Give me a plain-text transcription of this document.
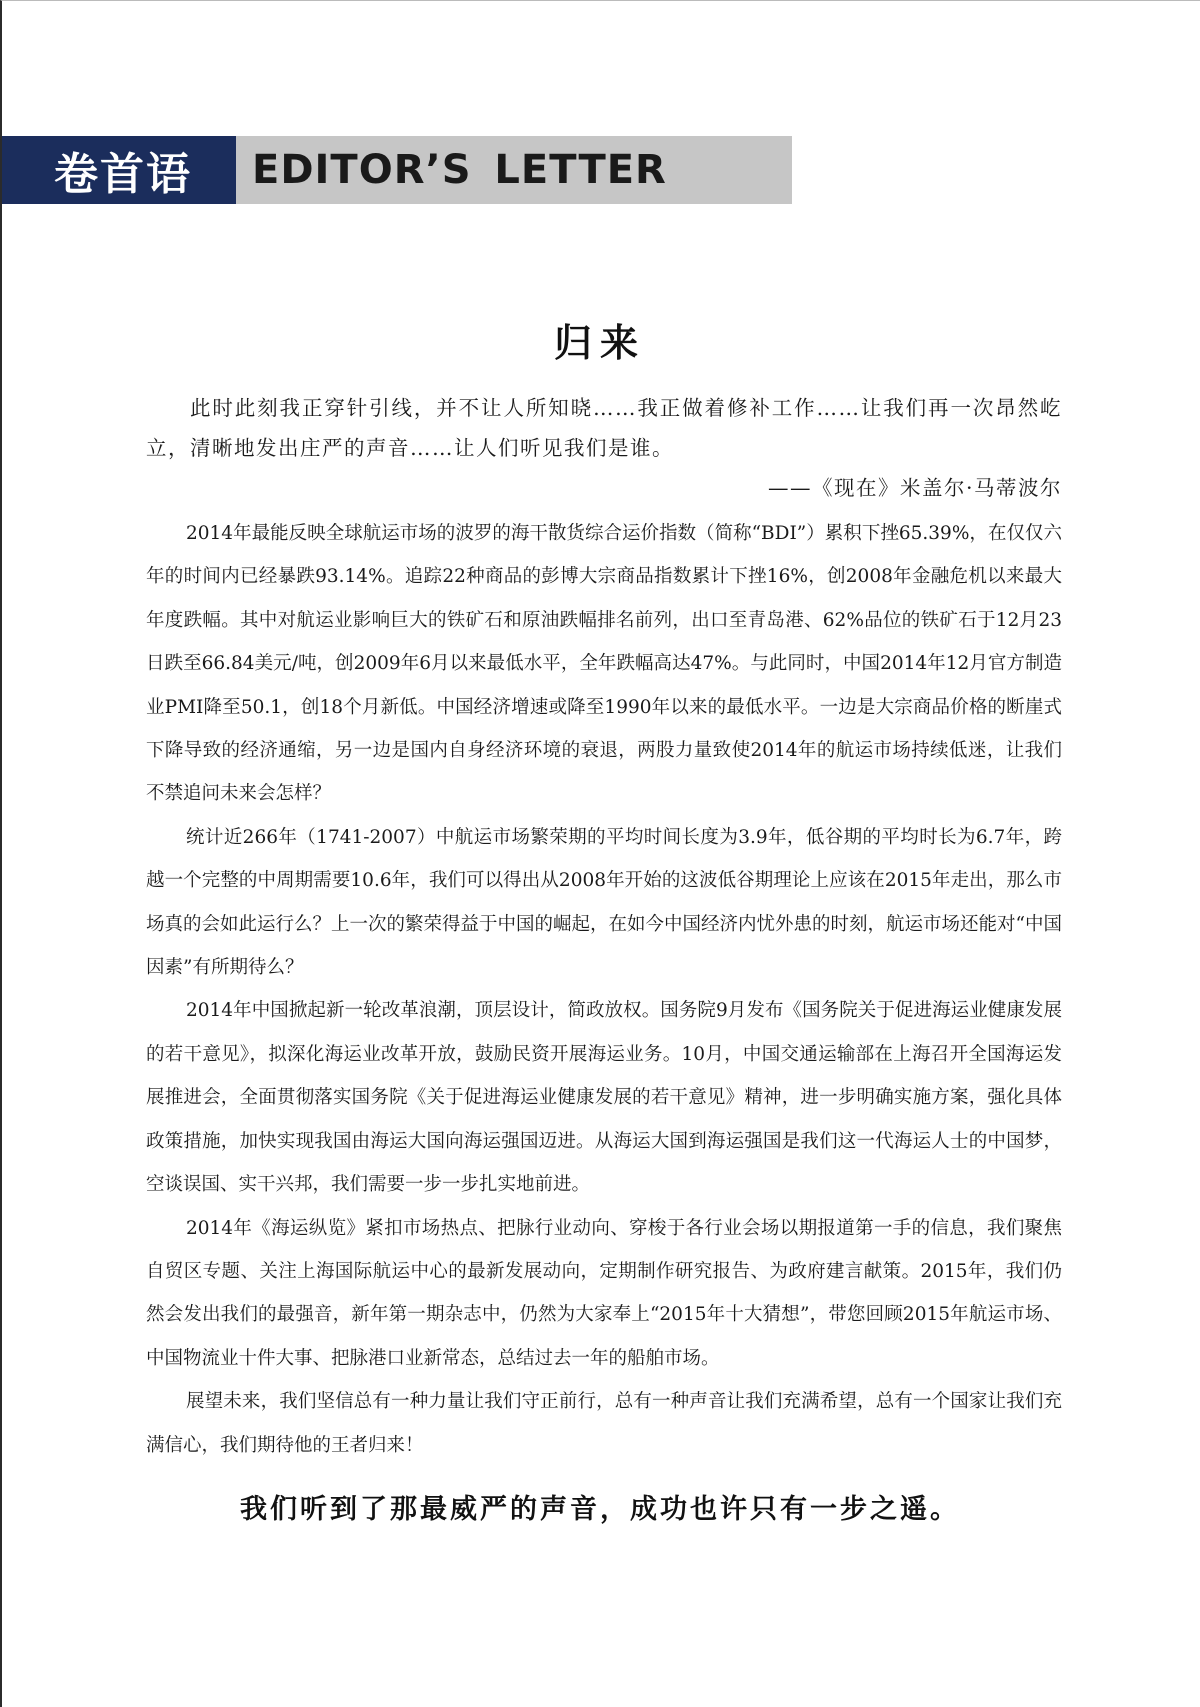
卷首语	EDITOR’S LETTER
归来

此时此刻我正穿针引线，并不让人所知晓……我正做着修补工作……让我们再一次昂然屹立，清晰地发出庄严的声音……让人们听见我们是谁。

——《现在》米盖尔·马蒂波尔

2014年最能反映全球航运市场的波罗的海干散货综合运价指数（简称“BDI”）累积下挫65.39%，在仅仅六年的时间内已经暴跌93.14%。追踪22种商品的彭博大宗商品指数累计下挫16%，创2008年金融危机以来最大年度跌幅。其中对航运业影响巨大的铁矿石和原油跌幅排名前列，出口至青岛港、62%品位的铁矿石于12月23日跌至66.84美元/吨，创2009年6月以来最低水平，全年跌幅高达47%。与此同时，中国2014年12月官方制造业PMI降至50.1，创18个月新低。中国经济增速或降至1990年以来的最低水平。一边是大宗商品价格的断崖式下降导致的经济通缩，另一边是国内自身经济环境的衰退，两股力量致使2014年的航运市场持续低迷，让我们不禁追问未来会怎样？

统计近266年（1741-2007）中航运市场繁荣期的平均时间长度为3.9年，低谷期的平均时长为6.7年，跨越一个完整的中周期需要10.6年，我们可以得出从2008年开始的这波低谷期理论上应该在2015年走出，那么市场真的会如此运行么？上一次的繁荣得益于中国的崛起，在如今中国经济内忧外患的时刻，航运市场还能对“中国因素”有所期待么？

2014年中国掀起新一轮改革浪潮，顶层设计，简政放权。国务院9月发布《国务院关于促进海运业健康发展的若干意见》，拟深化海运业改革开放，鼓励民资开展海运业务。10月，中国交通运输部在上海召开全国海运发展推进会，全面贯彻落实国务院《关于促进海运业健康发展的若干意见》精神，进一步明确实施方案，强化具体政策措施，加快实现我国由海运大国向海运强国迈进。从海运大国到海运强国是我们这一代海运人士的中国梦，空谈误国、实干兴邦，我们需要一步一步扎实地前进。

2014年《海运纵览》紧扣市场热点、把脉行业动向、穿梭于各行业会场以期报道第一手的信息，我们聚焦自贸区专题、关注上海国际航运中心的最新发展动向，定期制作研究报告、为政府建言献策。2015年，我们仍然会发出我们的最强音，新年第一期杂志中，仍然为大家奉上“2015年十大猜想”，带您回顾2015年航运市场、中国物流业十件大事、把脉港口业新常态，总结过去一年的船舶市场。

展望未来，我们坚信总有一种力量让我们守正前行，总有一种声音让我们充满希望，总有一个国家让我们充满信心，我们期待他的王者归来！

我们听到了那最威严的声音，成功也许只有一步之遥。
